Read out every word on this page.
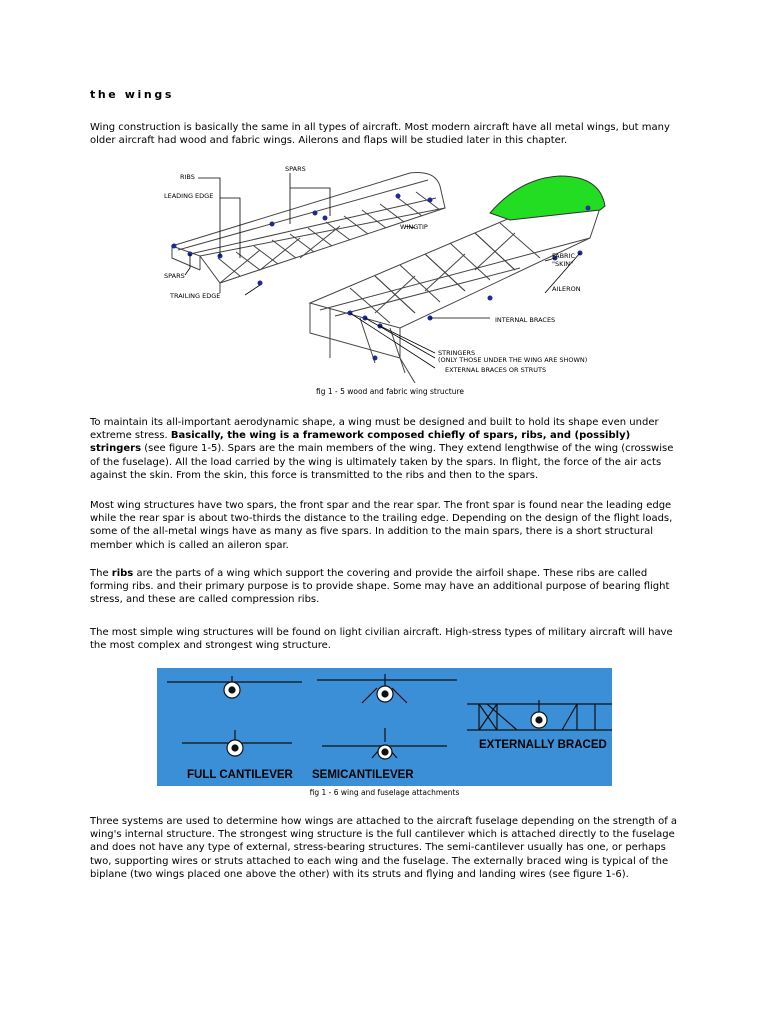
the wings
Wing construction is basically the same in all types of aircraft. Most modern aircraft have all metal wings, but many older aircraft had wood and fabric wings. Ailerons and flaps will be studied later in this chapter.
RIBS
SPARS
LEADING EDGE
WINGTIP
SPARS
TRAILING EDGE
FABRIC
"SKIN"
AILERON
INTERNAL BRACES
STRINGERS
(ONLY THOSE UNDER THE WING ARE SHOWN)
EXTERNAL BRACES OR STRUTS
fig 1 - 5 wood and fabric wing structure
To maintain its all-important aerodynamic shape, a wing must be designed and built to hold its shape even under extreme stress. Basically, the wing is a framework composed chiefly of spars, ribs, and (possibly) stringers (see figure 1-5). Spars are the main members of the wing. They extend lengthwise of the wing (crosswise of the fuselage). All the load carried by the wing is ultimately taken by the spars. In flight, the force of the air acts against the skin. From the skin, this force is transmitted to the ribs and then to the spars.
Most wing structures have two spars, the front spar and the rear spar. The front spar is found near the leading edge while the rear spar is about two-thirds the distance to the trailing edge. Depending on the design of the flight loads, some of the all-metal wings have as many as five spars. In addition to the main spars, there is a short structural member which is called an aileron spar.
The ribs are the parts of a wing which support the covering and provide the airfoil shape. These ribs are called forming ribs. and their primary purpose is to provide shape. Some may have an additional purpose of bearing flight stress, and these are called compression ribs.
The most simple wing structures will be found on light civilian aircraft. High-stress types of military aircraft will have the most complex and strongest wing structure.
FULL CANTILEVER SEMICANTILEVER
EXTERNALLY BRACED
fig 1 - 6 wing and fuselage attachments
Three systems are used to determine how wings are attached to the aircraft fuselage depending on the strength of a wing's internal structure. The strongest wing structure is the full cantilever which is attached directly to the fuselage and does not have any type of external, stress-bearing structures. The semi-cantilever usually has one, or perhaps two, supporting wires or struts attached to each wing and the fuselage. The externally braced wing is typical of the biplane (two wings placed one above the other) with its struts and flying and landing wires (see figure 1-6).
